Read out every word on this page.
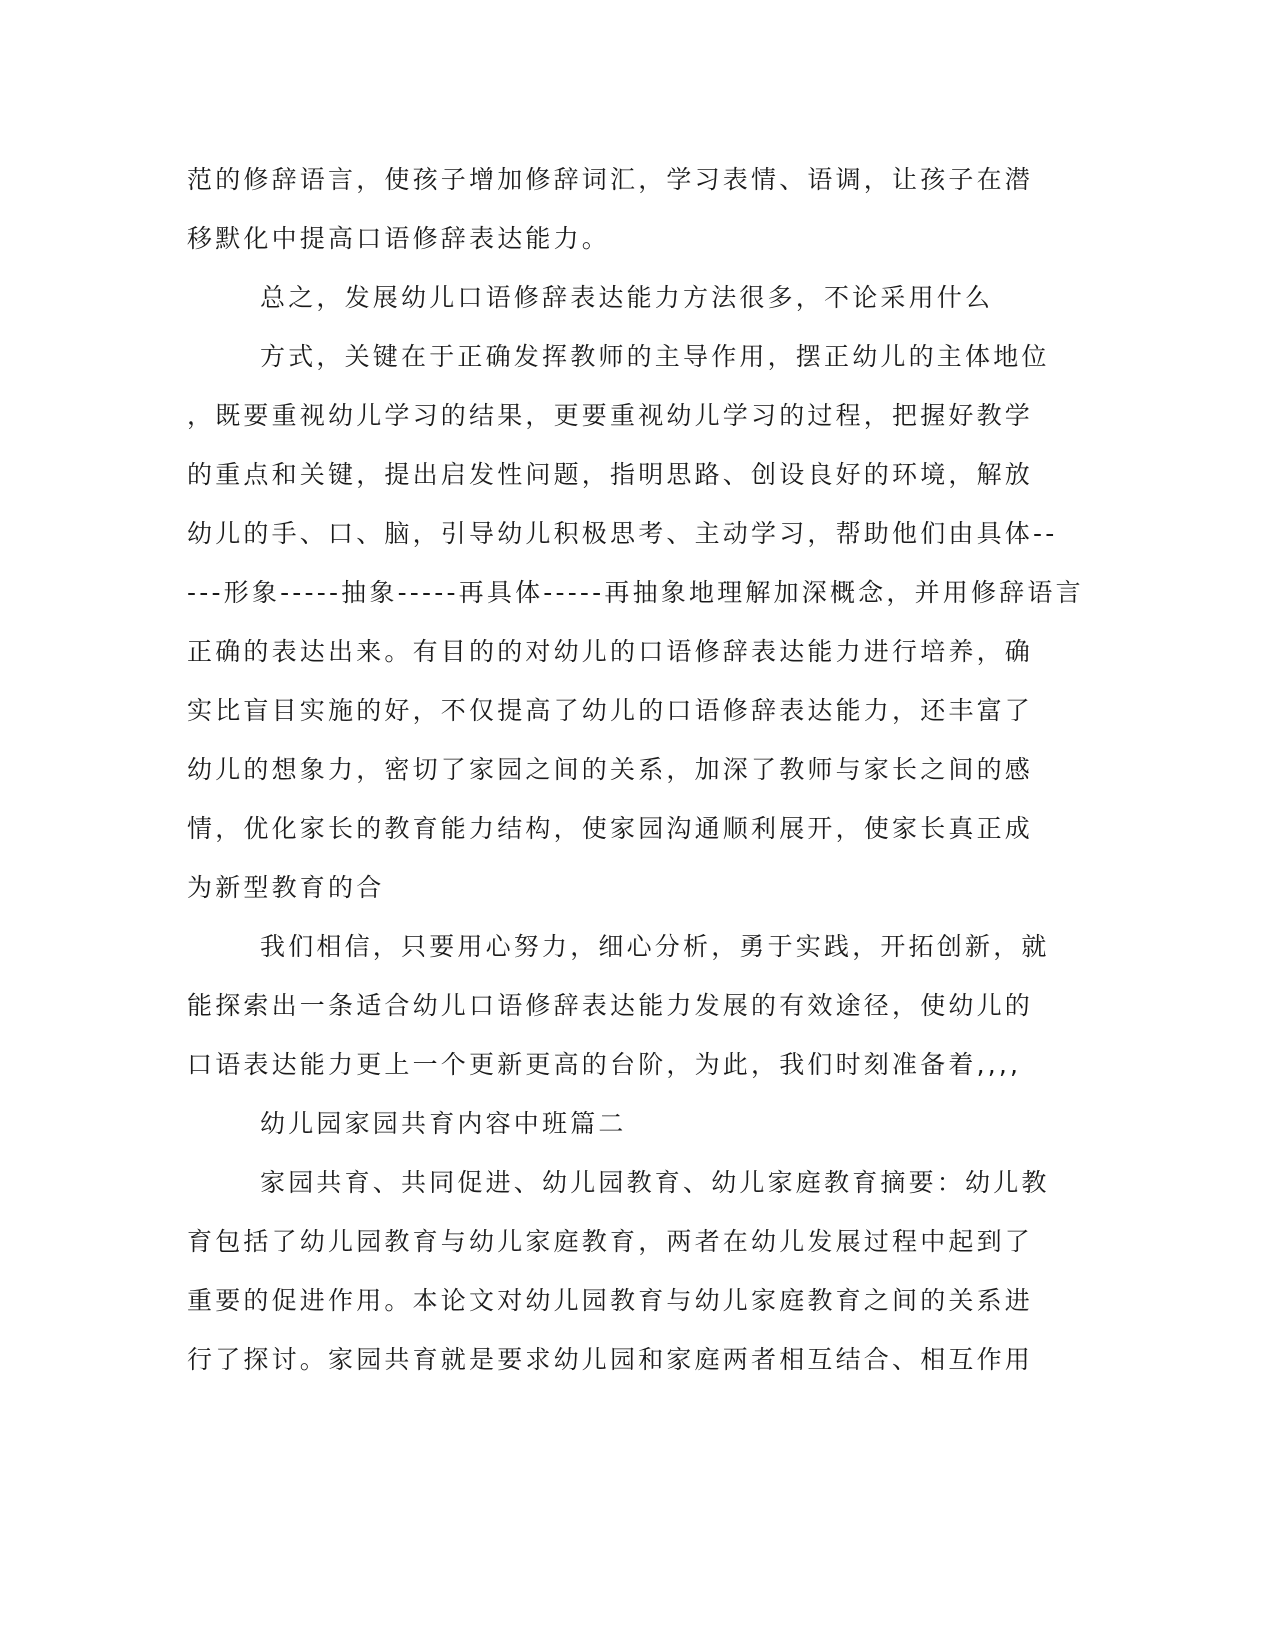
范的修辞语言，使孩子增加修辞词汇，学习表情、语调，让孩子在潜
移默化中提高口语修辞表达能力。
总之，发展幼儿口语修辞表达能力方法很多，不论采用什么
方式，关键在于正确发挥教师的主导作用，摆正幼儿的主体地位
，既要重视幼儿学习的结果，更要重视幼儿学习的过程，把握好教学
的重点和关键，提出启发性问题，指明思路、创设良好的环境，解放
幼儿的手、口、脑，引导幼儿积极思考、主动学习，帮助他们由具体--
---形象-----抽象-----再具体-----再抽象地理解加深概念，并用修辞语言
正确的表达出来。有目的的对幼儿的口语修辞表达能力进行培养，确
实比盲目实施的好，不仅提高了幼儿的口语修辞表达能力，还丰富了
幼儿的想象力，密切了家园之间的关系，加深了教师与家长之间的感
情，优化家长的教育能力结构，使家园沟通顺利展开，使家长真正成
为新型教育的合
我们相信，只要用心努力，细心分析，勇于实践，开拓创新，就
能探索出一条适合幼儿口语修辞表达能力发展的有效途径，使幼儿的
口语表达能力更上一个更新更高的台阶，为此，我们时刻准备着,,,,
幼儿园家园共育内容中班篇二
家园共育、共同促进、幼儿园教育、幼儿家庭教育摘要：幼儿教
育包括了幼儿园教育与幼儿家庭教育，两者在幼儿发展过程中起到了
重要的促进作用。本论文对幼儿园教育与幼儿家庭教育之间的关系进
行了探讨。家园共育就是要求幼儿园和家庭两者相互结合、相互作用
